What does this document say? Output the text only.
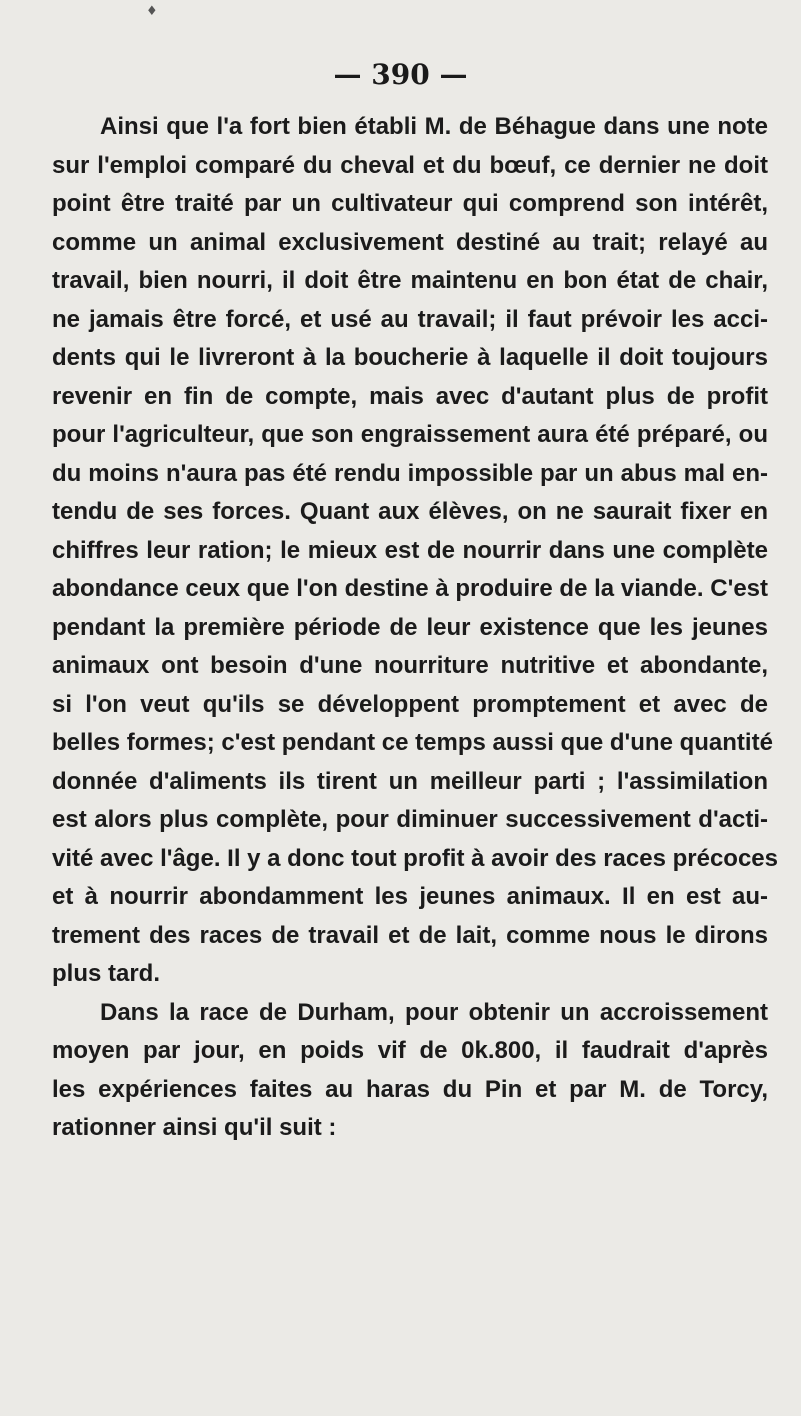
♦
— 390 —
Ainsi que l'a fort bien établi M. de Béhague dans une note
sur l'emploi comparé du cheval et du bœuf, ce dernier ne doit
point être traité par un cultivateur qui comprend son intérêt,
comme un animal exclusivement destiné au trait; relayé au
travail, bien nourri, il doit être maintenu en bon état de chair,
ne jamais être forcé, et usé au travail; il faut prévoir les acci-
dents qui le livreront à la boucherie à laquelle il doit toujours
revenir en fin de compte, mais avec d'autant plus de profit
pour l'agriculteur, que son engraissement aura été préparé, ou
du moins n'aura pas été rendu impossible par un abus mal en-
tendu de ses forces. Quant aux élèves, on ne saurait fixer en
chiffres leur ration; le mieux est de nourrir dans une complète
abondance ceux que l'on destine à produire de la viande. C'est
pendant la première période de leur existence que les jeunes
animaux ont besoin d'une nourriture nutritive et abondante,
si l'on veut qu'ils se développent promptement et avec de
belles formes; c'est pendant ce temps aussi que d'une quantité
donnée d'aliments ils tirent un meilleur parti ; l'assimilation
est alors plus complète, pour diminuer successivement d'acti-
vité avec l'âge. Il y a donc tout profit à avoir des races précoces
et à nourrir abondamment les jeunes animaux. Il en est au-
trement des races de travail et de lait, comme nous le dirons
plus tard.
Dans la race de Durham, pour obtenir un accroissement
moyen par jour, en poids vif de 0k.800, il faudrait d'après
les expériences faites au haras du Pin et par M. de Torcy,
rationner ainsi qu'il suit :
